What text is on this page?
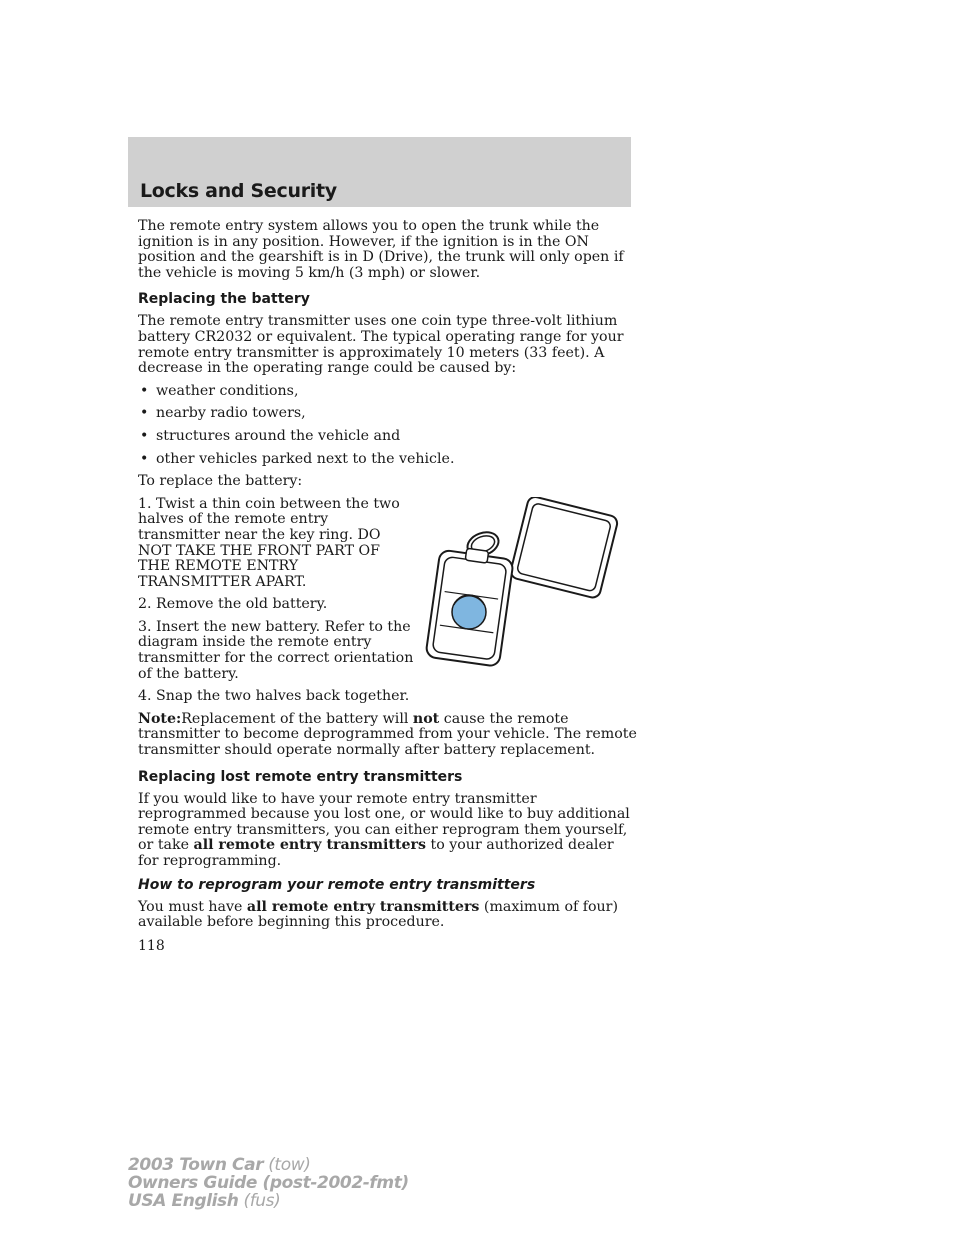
Locks and Security

The remote entry system allows you to open the trunk while the ignition is in any position. However, if the ignition is in the ON position and the gearshift is in D (Drive), the trunk will only open if the vehicle is moving 5 km/h (3 mph) or slower.

Replacing the battery

The remote entry transmitter uses one coin type three-volt lithium battery CR2032 or equivalent. The typical operating range for your remote entry transmitter is approximately 10 meters (33 feet). A decrease in the operating range could be caused by:

• weather conditions,
• nearby radio towers,
• structures around the vehicle and
• other vehicles parked next to the vehicle.

To replace the battery:

1. Twist a thin coin between the two halves of the remote entry transmitter near the key ring. DO NOT TAKE THE FRONT PART OF THE REMOTE ENTRY TRANSMITTER APART.

2. Remove the old battery.

3. Insert the new battery. Refer to the diagram inside the remote entry transmitter for the correct orientation of the battery.

4. Snap the two halves back together.

Note:Replacement of the battery will not cause the remote transmitter to become deprogrammed from your vehicle. The remote transmitter should operate normally after battery replacement.

Replacing lost remote entry transmitters

If you would like to have your remote entry transmitter reprogrammed because you lost one, or would like to buy additional remote entry transmitters, you can either reprogram them yourself, or take all remote entry transmitters to your authorized dealer for reprogramming.

How to reprogram your remote entry transmitters

You must have all remote entry transmitters (maximum of four) available before beginning this procedure.

118
2003 Town Car (tow)
Owners Guide (post-2002-fmt)
USA English (fus)
